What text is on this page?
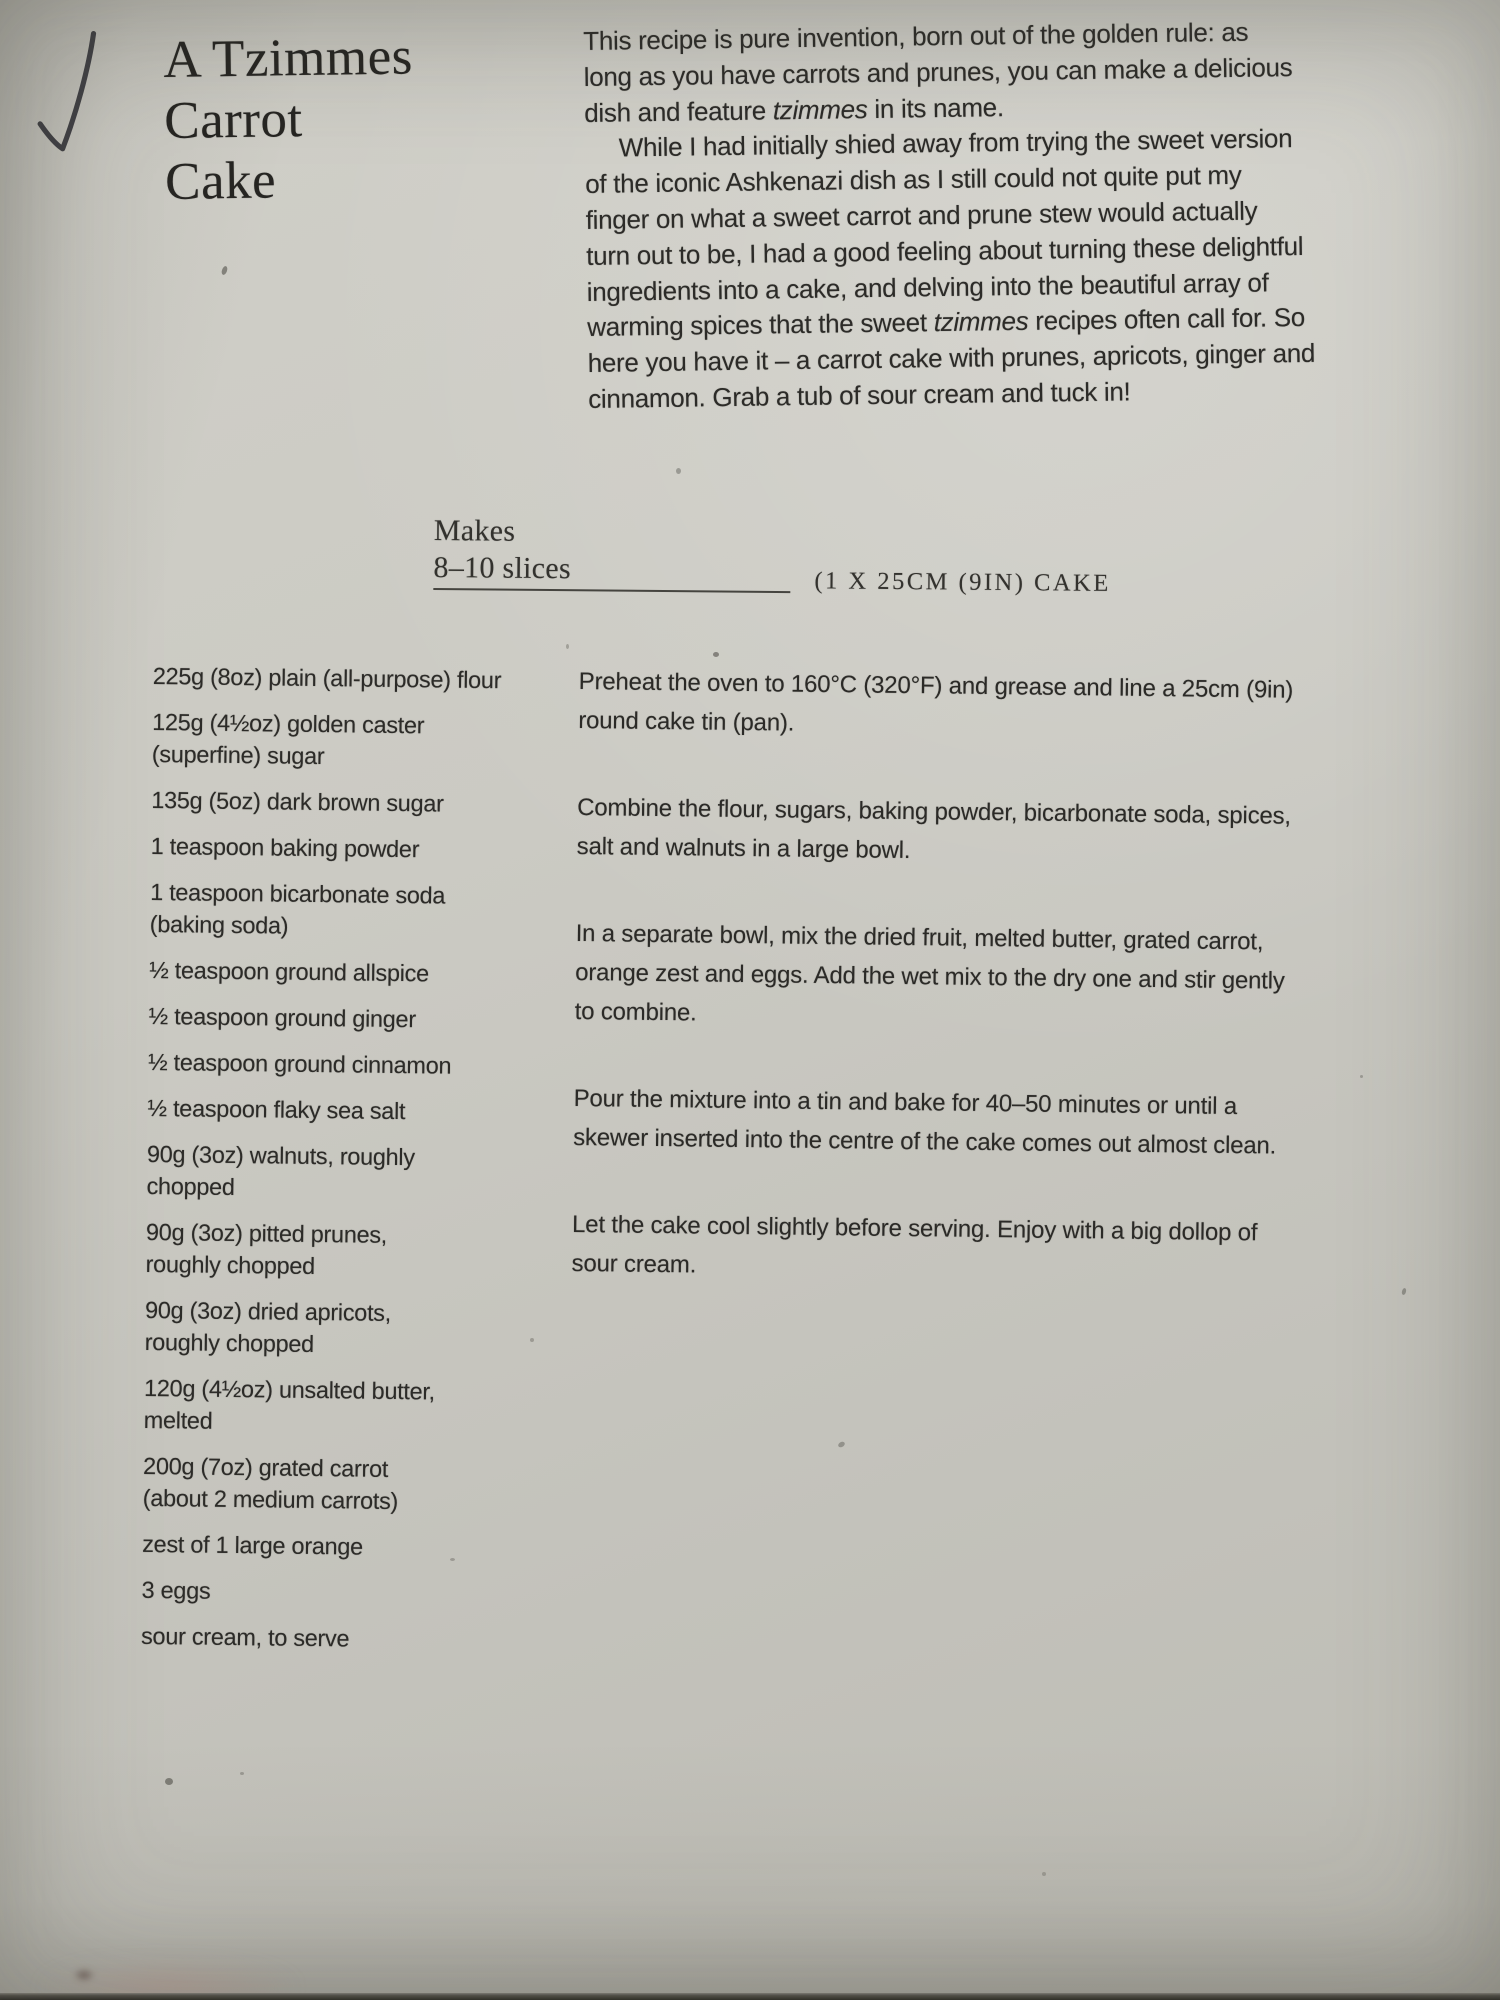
A Tzimmes
Carrot
Cake

This recipe is pure invention, born out of the golden rule: as
long as you have carrots and prunes, you can make a delicious
dish and feature tzimmes in its name.

While I had initially shied away from trying the sweet version
of the iconic Ashkenazi dish as I still could not quite put my
finger on what a sweet carrot and prune stew would actually
turn out to be, I had a good feeling about turning these delightful
ingredients into a cake, and delving into the beautiful array of
warming spices that the sweet tzimmes recipes often call for. So
here you have it – a carrot cake with prunes, apricots, ginger and
cinnamon. Grab a tub of sour cream and tuck in!

Makes
8–10 slices	(1 X 25CM (9IN) CAKE
225g (8oz) plain (all-purpose) flour
125g (4½oz) golden caster
(superfine) sugar
135g (5oz) dark brown sugar
1 teaspoon baking powder
1 teaspoon bicarbonate soda
(baking soda)
½ teaspoon ground allspice
½ teaspoon ground ginger
½ teaspoon ground cinnamon
½ teaspoon flaky sea salt
90g (3oz) walnuts, roughly
chopped
90g (3oz) pitted prunes,
roughly chopped
90g (3oz) dried apricots,
roughly chopped
120g (4½oz) unsalted butter,
melted
200g (7oz) grated carrot
(about 2 medium carrots)
zest of 1 large orange
3 eggs
sour cream, to serve
Preheat the oven to 160°C (320°F) and grease and line a 25cm (9in)
round cake tin (pan).
Combine the flour, sugars, baking powder, bicarbonate soda, spices,
salt and walnuts in a large bowl.
In a separate bowl, mix the dried fruit, melted butter, grated carrot,
orange zest and eggs. Add the wet mix to the dry one and stir gently
to combine.
Pour the mixture into a tin and bake for 40–50 minutes or until a
skewer inserted into the centre of the cake comes out almost clean.
Let the cake cool slightly before serving. Enjoy with a big dollop of
sour cream.
